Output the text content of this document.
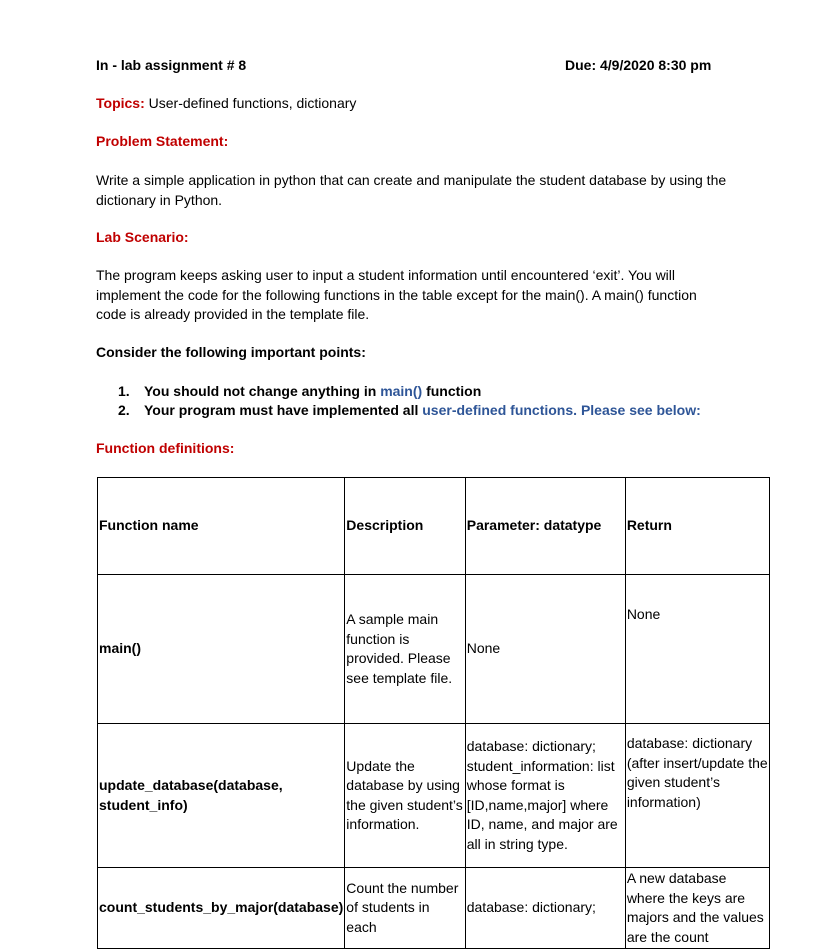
In - lab assignment # 8	Due: 4/9/2020 8:30 pm
Topics: User-defined functions, dictionary
Problem Statement:
Write a simple application in python that can create and manipulate the student database by using the dictionary in Python.
Lab Scenario:
The program keeps asking user to input a student information until encountered ‘exit’. You will implement the code for the following functions in the table except for the main(). A main() function code is already provided in the template file.
Consider the following important points:
1. You should not change anything in main() function
2. Your program must have implemented all user-defined functions. Please see below:
Function definitions:
Function name	Description	Parameter: datatype	Return
main()	A sample main function is provided. Please see template file.	None	None
update_database(database, student_info)	Update the database by using the given student’s information.	database: dictionary; student_information: list whose format is [ID,name,major] where ID, name, and major are all in string type.	database: dictionary (after insert/update the given student’s information)
count_students_by_major(database)	Count the number of students in each	database: dictionary;	A new database where the keys are majors and the values are the count
